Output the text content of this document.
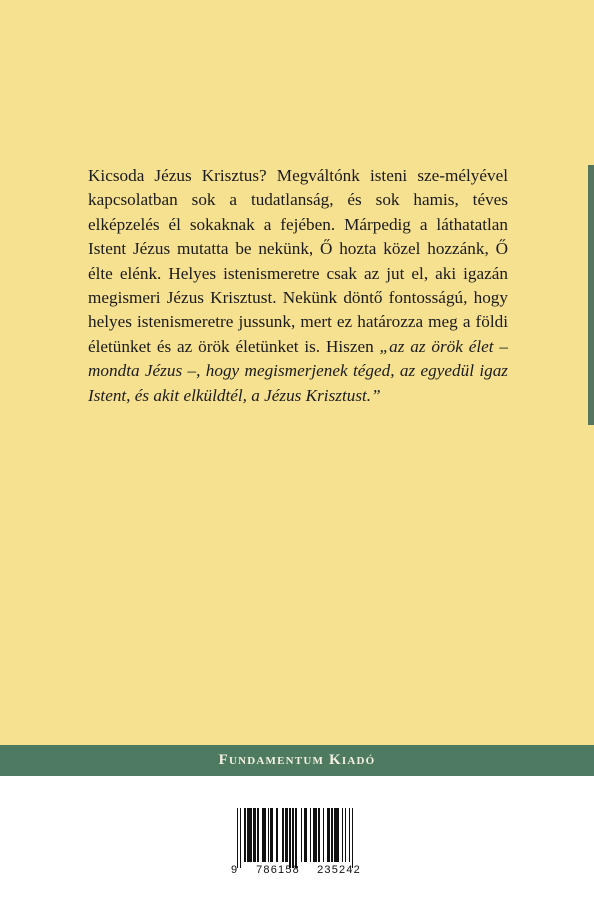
Kicsoda Jézus Krisztus? Megváltónk isteni sze-mélyével kapcsolatban sok a tudatlanság, és sok hamis, téves elképzelés él sokaknak a fejében. Márpedig a láthatatlan Istent Jézus mutatta be nekünk, Ő hozta közel hozzánk, Ő élte elénk. Helyes istenismeretre csak az jut el, aki igazán megismeri Jézus Krisztust. Nekünk döntő fontosságú, hogy helyes istenismeretre jussunk, mert ez határozza meg a földi életünket és az örök életünket is. Hiszen „az az örök élet – mondta Jézus –, hogy megismerjenek téged, az egyedül igaz Istent, és akit elküldtél, a Jézus Krisztust.”

Fundamentum Kiadó
9 786158 235242
